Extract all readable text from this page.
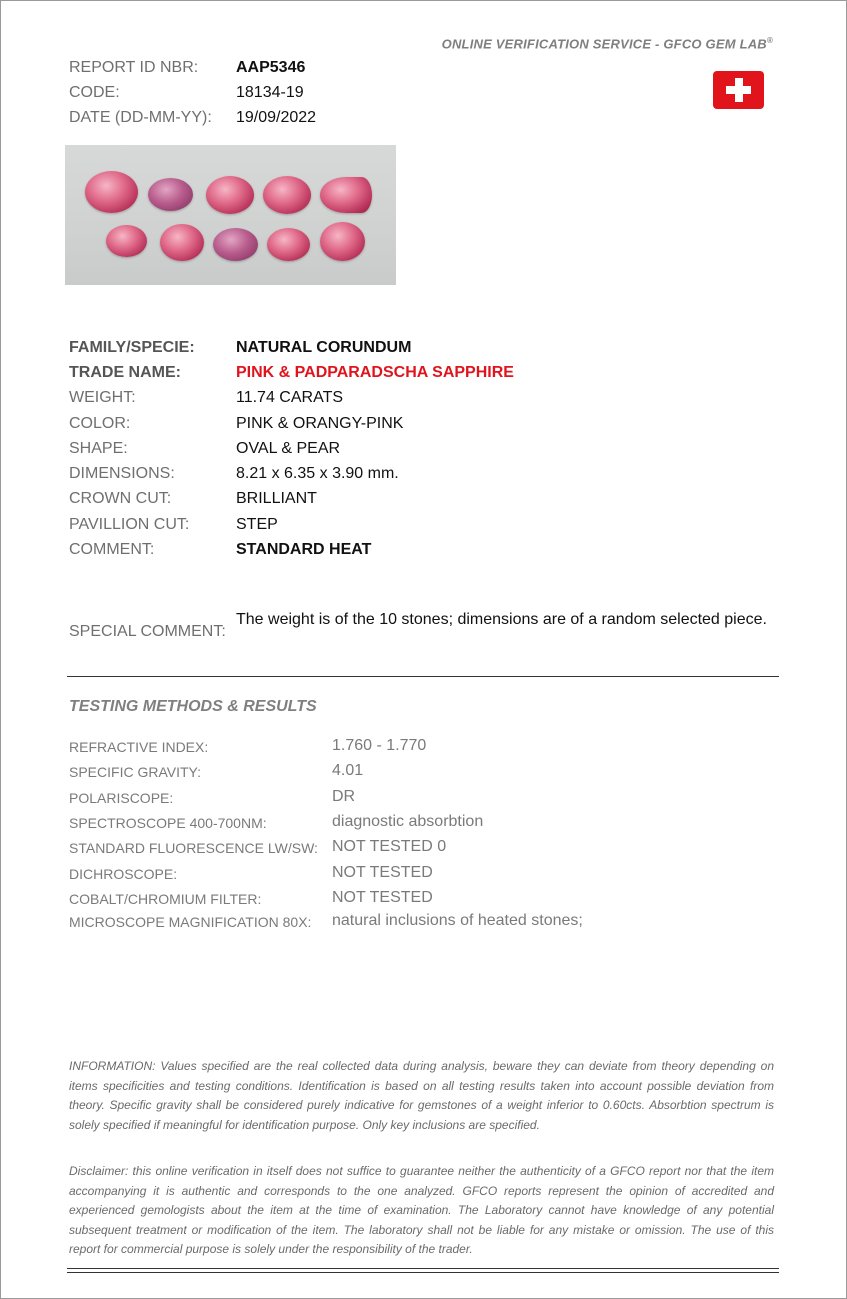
ONLINE VERIFICATION SERVICE - GFCO GEM LAB®
REPORT ID NBR: AAP5346
CODE:	18134-19
DATE (DD-MM-YY): 19/09/2022
FAMILY/SPECIE:	NATURAL CORUNDUM
TRADE NAME:	PINK & PADPARADSCHA SAPPHIRE
WEIGHT:	11.74 CARATS
COLOR:	PINK & ORANGY-PINK
SHAPE:	OVAL & PEAR
DIMENSIONS:	8.21 x 6.35 x 3.90 mm.
CROWN CUT:	BRILLIANT
PAVILLION CUT:	STEP
COMMENT:	STANDARD HEAT
SPECIAL COMMENT:
The weight is of the 10 stones; dimensions are of a random selected piece.
TESTING METHODS & RESULTS
REFRACTIVE INDEX:	1.760 - 1.770
SPECIFIC GRAVITY:	4.01
POLARISCOPE:	DR
SPECTROSCOPE 400-700NM:	diagnostic absorbtion
STANDARD FLUORESCENCE LW/SW: NOT TESTED 0
DICHROSCOPE:	NOT TESTED
COBALT/CHROMIUM FILTER:	NOT TESTED
MICROSCOPE MAGNIFICATION 80X: natural inclusions of heated stones;
INFORMATION: Values specified are the real collected data during analysis, beware they can deviate from theory depending on items specificities and testing conditions. Identification is based on all testing results taken into account possible deviation from theory. Specific gravity shall be considered purely indicative for gemstones of a weight inferior to 0.60cts. Absorbtion spectrum is solely specified if meaningful for identification purpose. Only key inclusions are specified.
Disclaimer: this online verification in itself does not suffice to guarantee neither the authenticity of a GFCO report nor that the item accompanying it is authentic and corresponds to the one analyzed. GFCO reports represent the opinion of accredited and experienced gemologists about the item at the time of examination. The Laboratory cannot have knowledge of any potential subsequent treatment or modification of the item. The laboratory shall not be liable for any mistake or omission. The use of this report for commercial purpose is solely under the responsibility of the trader.
